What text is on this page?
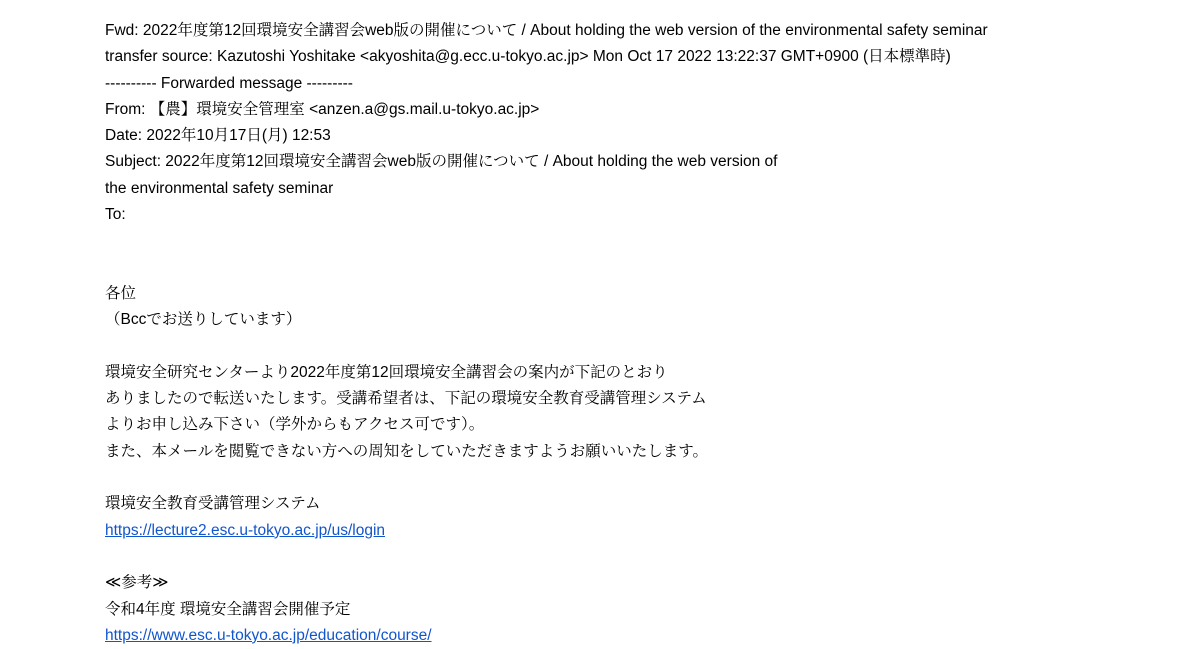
Fwd: 2022年度第12回環境安全講習会web版の開催について / About holding the web version of the environmental safety seminar
transfer source: Kazutoshi Yoshitake <akyoshita@g.ecc.u-tokyo.ac.jp> Mon Oct 17 2022 13:22:37 GMT+0900 (日本標準時)
---------- Forwarded message ---------
From: 【農】環境安全管理室 <anzen.a@gs.mail.u-tokyo.ac.jp>
Date: 2022年10月17日(月) 12:53
Subject: 2022年度第12回環境安全講習会web版の開催について / About holding the web version of
the environmental safety seminar
To:
各位
（Bccでお送りしています）
環境安全研究センターより2022年度第12回環境安全講習会の案内が下記のとおり
ありましたので転送いたします。受講希望者は、下記の環境安全教育受講管理システム
よりお申し込み下さい（学外からもアクセス可です）。
また、本メールを閲覧できない方への周知をしていただきますようお願いいたします。
環境安全教育受講管理システム
https://lecture2.esc.u-tokyo.ac.jp/us/login
≪参考≫
令和4年度 環境安全講習会開催予定
https://www.esc.u-tokyo.ac.jp/education/course/
